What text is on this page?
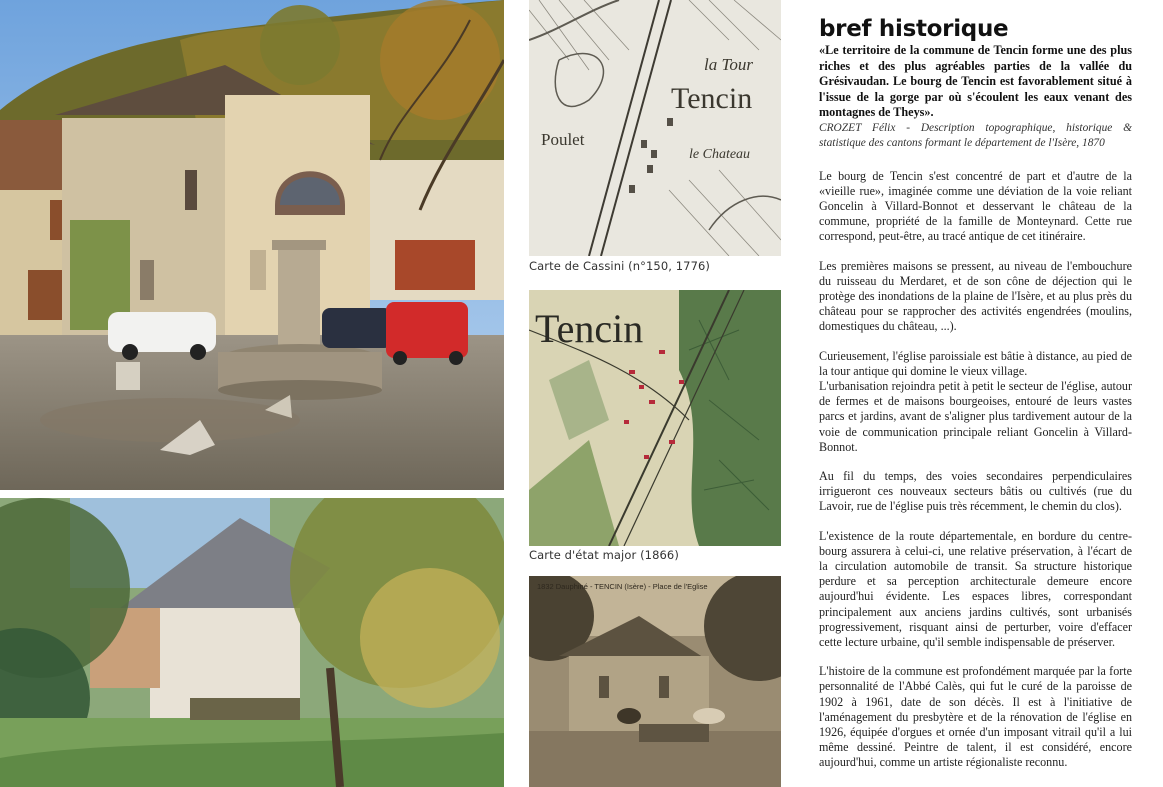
Tencin
la Tour
Poulet
le Chateau
Carte de Cassini (n°150, 1776)
Tencin
Carte d'état major (1866)
1832 Dauphiné - TENCIN (Isère) - Place de l'Eglise
bref historique
«Le territoire de la commune de Tencin forme une des plus riches et des plus agréables parties de la vallée du Grésivaudan. Le bourg de Tencin est favorablement situé à l'issue de la gorge par où s'écoulent les eaux venant des montagnes de Theys».
CROZET Félix - Description topographique, historique & statistique des cantons formant le département de l'Isère, 1870

Le bourg de Tencin s'est concentré de part et d'autre de la «vieille rue», imaginée comme une déviation de la voie reliant Goncelin à Villard-Bonnot et desservant le château de la commune, propriété de la famille de Monteynard. Cette rue correspond, peut-être, au tracé antique de cet itinéraire.

Les premières maisons se pressent, au niveau de l'embouchure du ruisseau du Merdaret, et de son cône de déjection qui le protège des inondations de la plaine de l'Isère, et au plus près du château pour se rapprocher des activités engendrées (moulins, domestiques du château, ...).

Curieusement, l'église paroissiale est bâtie à distance, au pied de la tour antique qui domine le vieux village.

L'urbanisation rejoindra petit à petit le secteur de l'église, autour de fermes et de maisons bourgeoises, entouré de leurs vastes parcs et jardins, avant de s'aligner plus tardivement autour de la voie de communication principale reliant Goncelin à Villard-Bonnot.

Au fil du temps, des voies secondaires perpendiculaires irrigueront ces nouveaux secteurs bâtis ou cultivés (rue du Lavoir, rue de l'église puis très récemment, le chemin du clos).

L'existence de la route départementale, en bordure du centre-bourg assurera à celui-ci, une relative préservation, à l'écart de la circulation automobile de transit. Sa structure historique perdure et sa perception architecturale demeure encore aujourd'hui évidente. Les espaces libres, correspondant principalement aux anciens jardins cultivés, sont urbanisés progressivement, risquant ainsi de perturber, voire d'effacer cette lecture urbaine, qu'il semble indispensable de préserver.

L'histoire de la commune est profondément marquée par la forte personnalité de l'Abbé Calès, qui fut le curé de la paroisse de 1902 à 1961, date de son décès. Il est à l'initiative de l'aménagement du presbytère et de la rénovation de l'église en 1926, équipée d'orgues et ornée d'un imposant vitrail qu'il a lui même dessiné. Peintre de talent, il est considéré, encore aujourd'hui, comme un artiste régionaliste reconnu.
